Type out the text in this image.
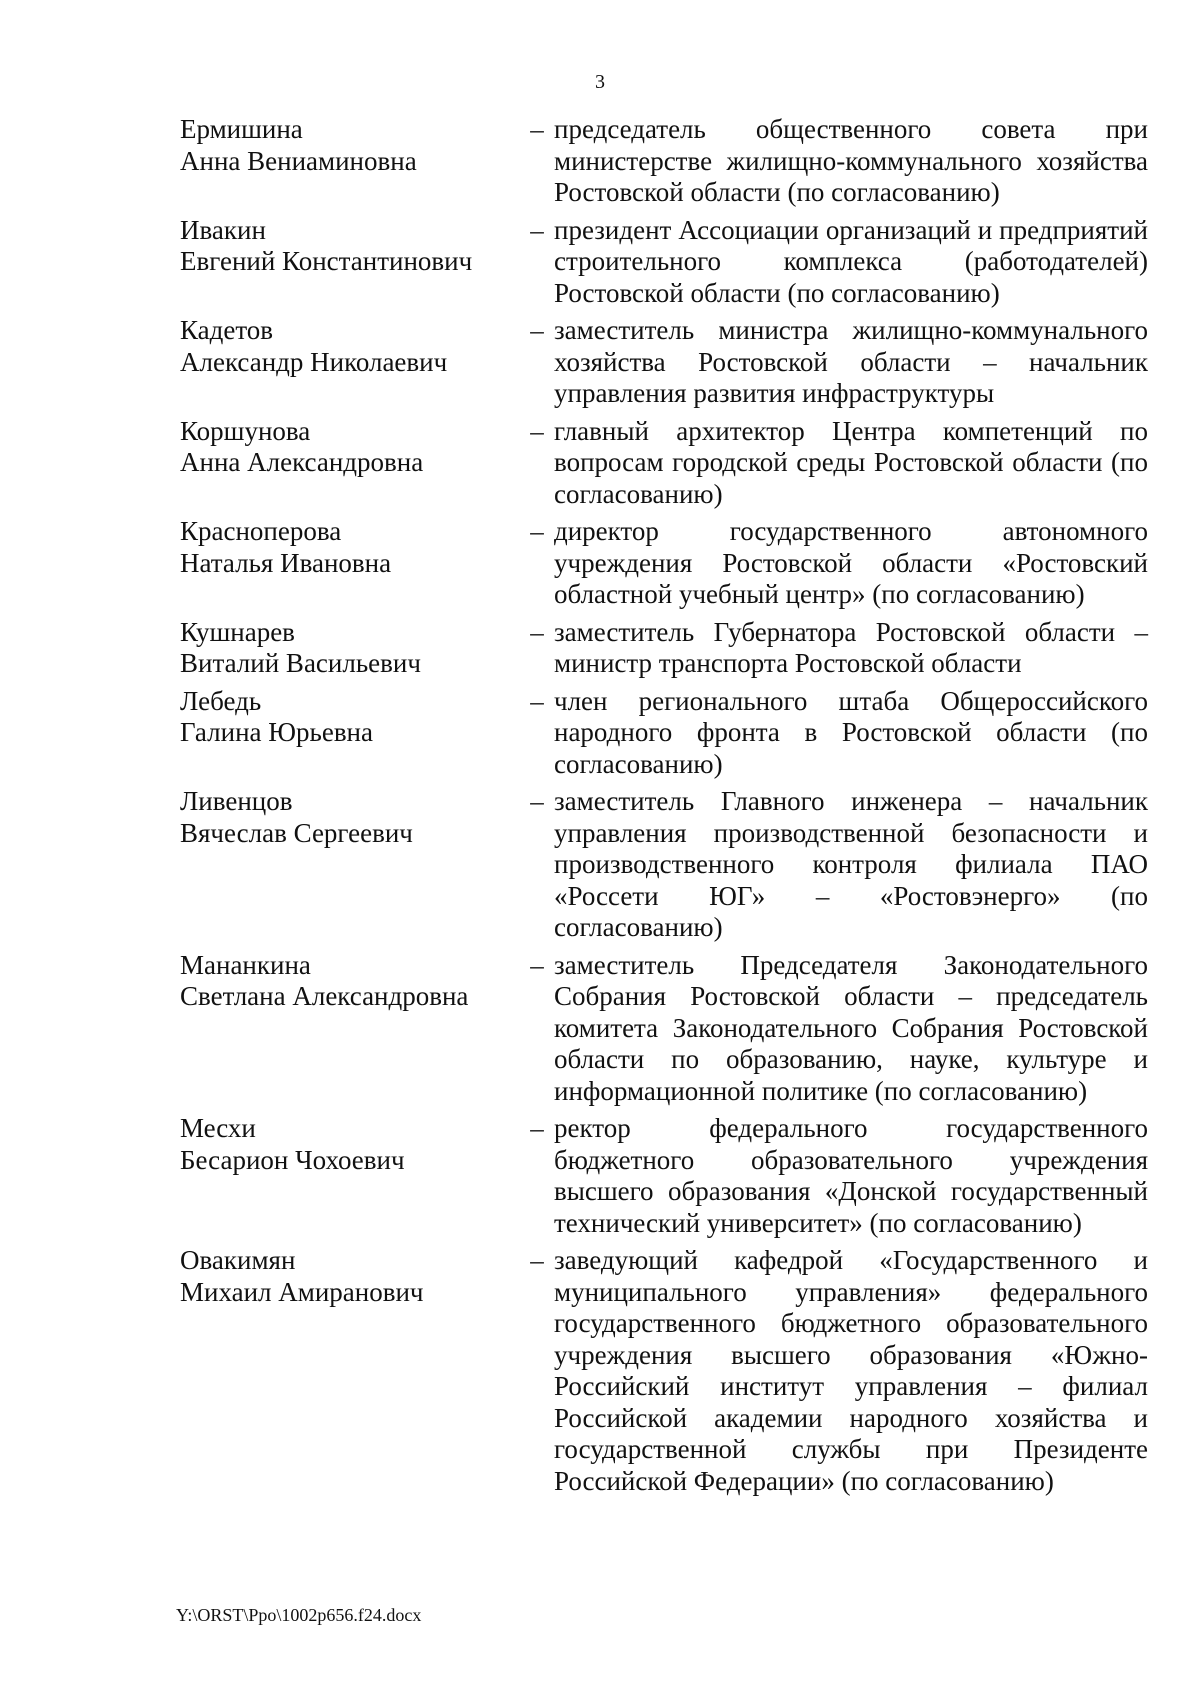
3
Ермишина
Анна Вениаминовна
– председатель общественного совета при министерстве жилищно-коммунального хозяйства Ростовской области (по согласованию)
Ивакин
Евгений Константинович
– президент Ассоциации организаций и предприятий строительного комплекса (работодателей) Ростовской области (по согласованию)
Кадетов
Александр Николаевич
– заместитель министра жилищно-коммунального хозяйства Ростовской области – начальник управления развития инфраструктуры
Коршунова
Анна Александровна
– главный архитектор Центра компетенций по вопросам городской среды Ростовской области (по согласованию)
Красноперова
Наталья Ивановна
– директор государственного автономного учреждения Ростовской области «Ростовский областной учебный центр» (по согласованию)
Кушнарев
Виталий Васильевич
– заместитель Губернатора Ростовской области – министр транспорта Ростовской области
Лебедь
Галина Юрьевна
– член регионального штаба Общероссийского народного фронта в Ростовской области (по согласованию)
Ливенцов
Вячеслав Сергеевич
– заместитель Главного инженера – начальник управления производственной безопасности и производственного контроля филиала ПАО «Россети ЮГ» – «Ростовэнерго» (по согласованию)
Мананкина
Светлана Александровна
– заместитель Председателя Законодательного Собрания Ростовской области – председатель комитета Законодательного Собрания Ростовской области по образованию, науке, культуре и информационной политике (по согласованию)
Месхи
Бесарион Чохоевич
– ректор федерального государственного бюджетного образовательного учреждения высшего образования «Донской государственный технический университет» (по согласованию)
Овакимян
Михаил Амиранович
– заведующий кафедрой «Государственного и муниципального управления» федерального государственного бюджетного образовательного учреждения высшего образования «Южно-Российский институт управления – филиал Российской академии народного хозяйства и государственной службы при Президенте Российской Федерации» (по согласованию)
Y:\ORST\Ppo\1002p656.f24.docx
